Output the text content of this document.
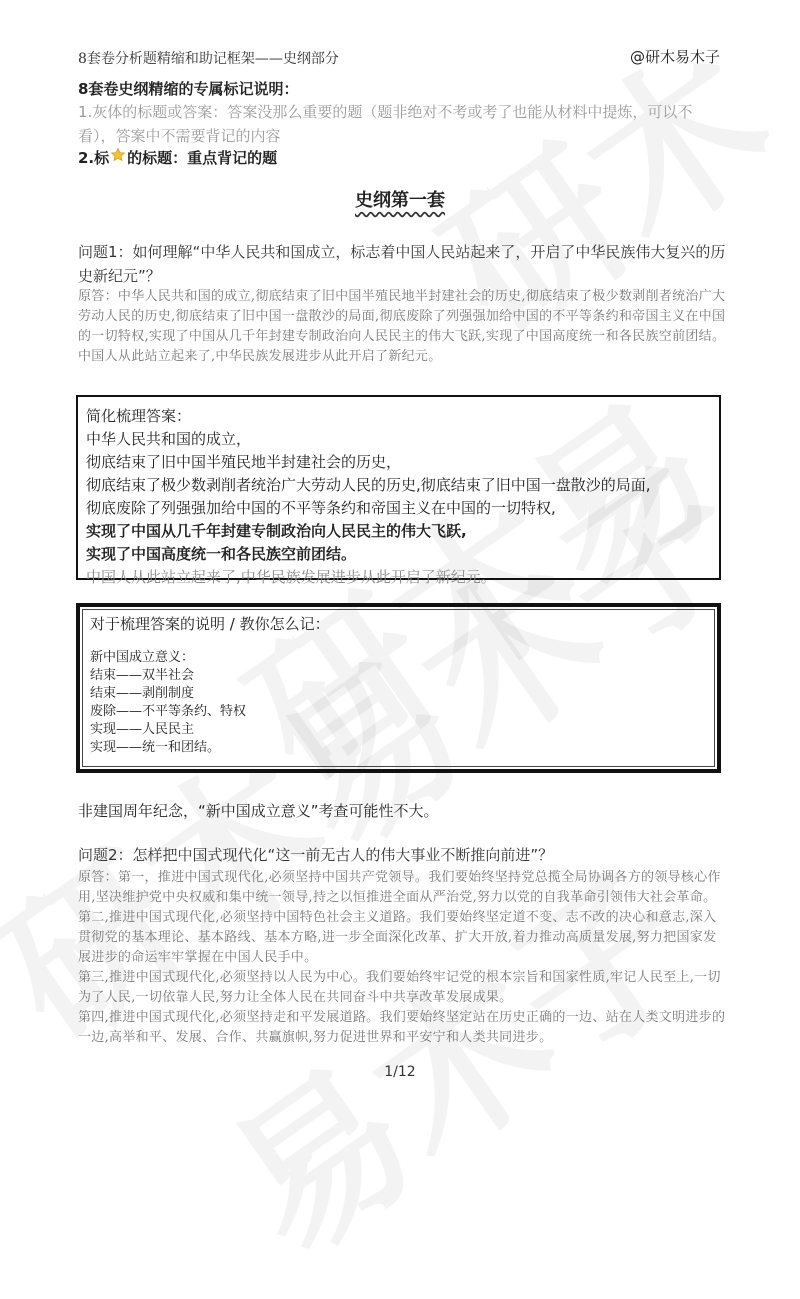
8套卷分析题精缩和助记框架——史纲部分	@研木易木子
8套卷史纲精缩的专属标记说明：
1.灰体的标题或答案：答案没那么重要的题（题非绝对不考或考了也能从材料中提炼，可以不看），答案中不需要背记的内容
2.标 的标题：重点背记的题
史纲第一套
问题1：如何理解“中华人民共和国成立，标志着中国人民站起来了，开启了中华民族伟大复兴的历史新纪元”？
原答：中华人民共和国的成立,彻底结束了旧中国半殖民地半封建社会的历史,彻底结束了极少数剥削者统治广大劳动人民的历史,彻底结束了旧中国一盘散沙的局面,彻底废除了列强强加给中国的不平等条约和帝国主义在中国的一切特权,实现了中国从几千年封建专制政治向人民民主的伟大飞跃,实现了中国高度统一和各民族空前团结。中国人从此站立起来了,中华民族发展进步从此开启了新纪元。
简化梳理答案：
中华人民共和国的成立，
彻底结束了旧中国半殖民地半封建社会的历史，
彻底结束了极少数剥削者统治广大劳动人民的历史,彻底结束了旧中国一盘散沙的局面,
彻底废除了列强强加给中国的不平等条约和帝国主义在中国的一切特权,
实现了中国从几千年封建专制政治向人民民主的伟大飞跃,
实现了中国高度统一和各民族空前团结。
中国人从此站立起来了,中华民族发展进步从此开启了新纪元。
对于梳理答案的说明 / 教你怎么记：
新中国成立意义：
结束——双半社会
结束——剥削制度
废除——不平等条约、特权
实现——人民民主
实现——统一和团结。
非建国周年纪念，“新中国成立意义”考查可能性不大。
问题2：怎样把中国式现代化“这一前无古人的伟大事业不断推向前进”？
原答：第一，推进中国式现代化,必须坚持中国共产党领导。我们要始终坚持党总揽全局协调各方的领导核心作用,坚决维护党中央权威和集中统一领导,持之以恒推进全面从严治党,努力以党的自我革命引领伟大社会革命。
第二,推进中国式现代化,必须坚持中国特色社会主义道路。我们要始终坚定道不变、志不改的决心和意志,深入贯彻党的基本理论、基本路线、基本方略,进一步全面深化改革、扩大开放,着力推动高质量发展,努力把国家发展进步的命运牢牢掌握在中国人民手中。
第三,推进中国式现代化,必须坚持以人民为中心。我们要始终牢记党的根本宗旨和国家性质,牢记人民至上,一切为了人民,一切依靠人民,努力让全体人民在共同奋斗中共享改革发展成果。
第四,推进中国式现代化,必须坚持走和平发展道路。我们要始终坚定站在历史正确的一边、站在人类文明进步的一边,高举和平、发展、合作、共赢旗帜,努力促进世界和平安宁和人类共同进步。
1/12
